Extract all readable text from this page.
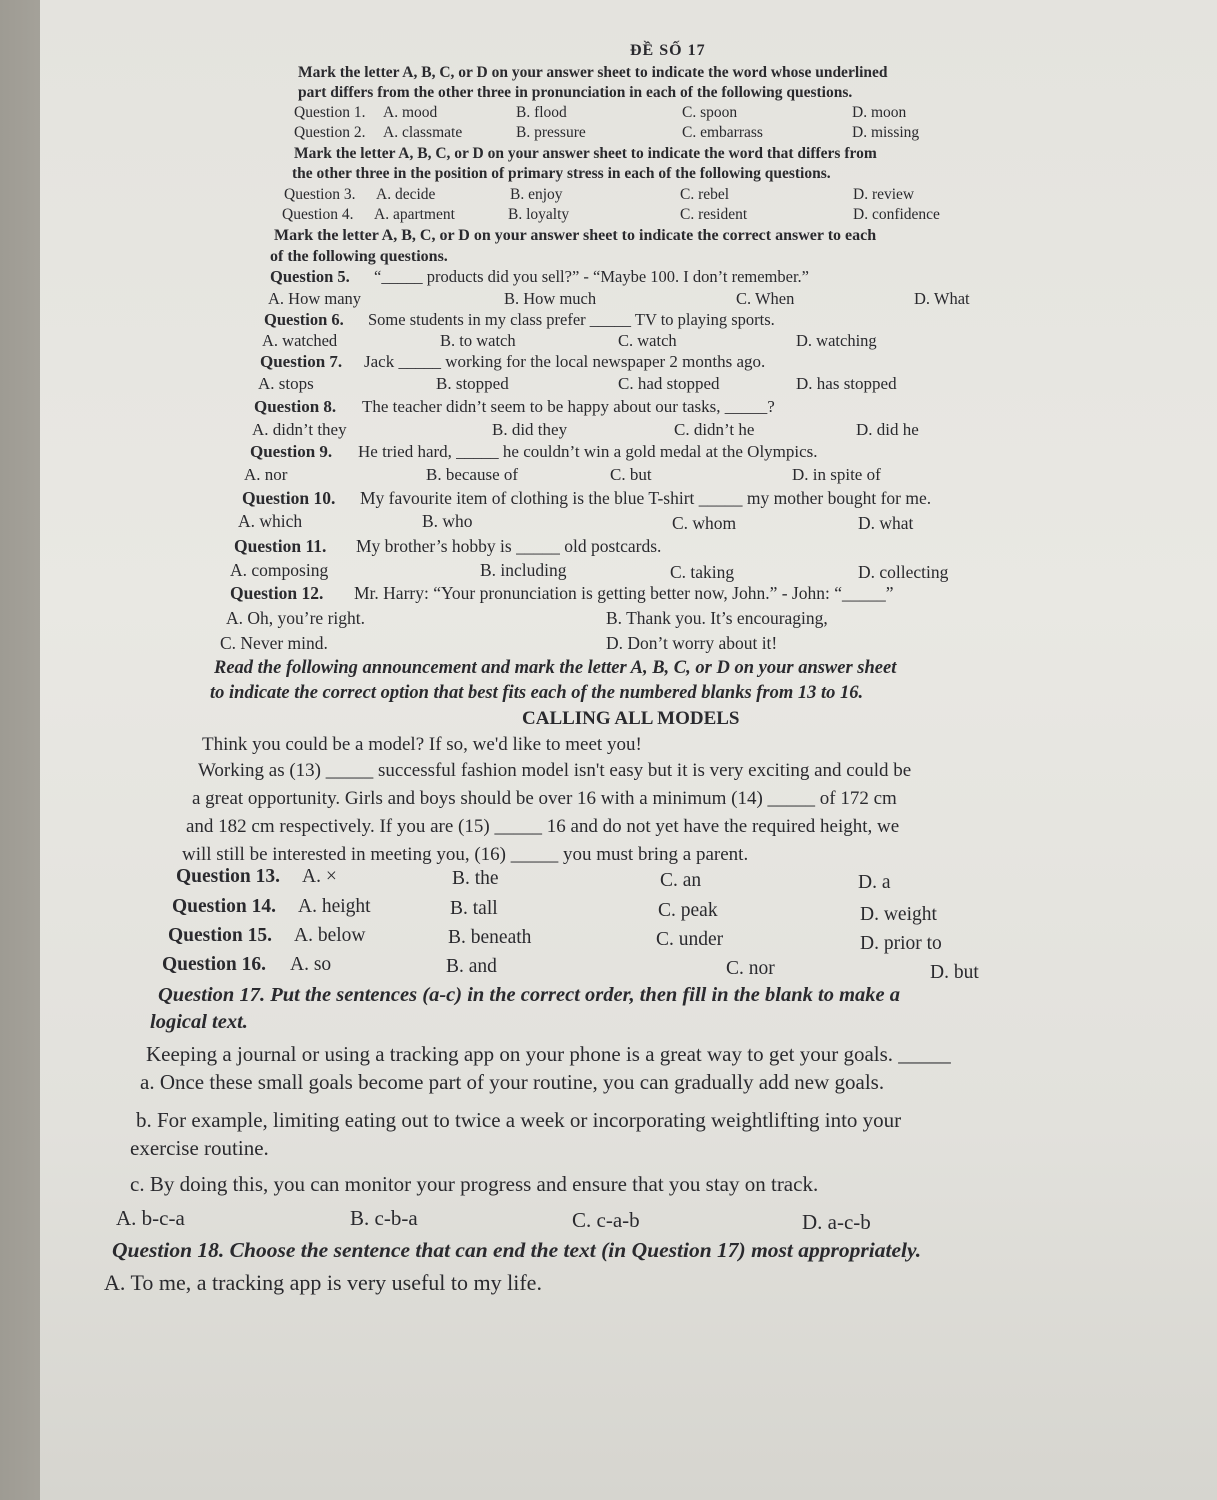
ĐỀ SỐ 17
Mark the letter A, B, C, or D on your answer sheet to indicate the word whose underlined
part differs from the other three in pronunciation in each of the following questions.
Question 1. A. mood	B. flood	C. spoon	D. moon
Question 2. A. classmate	B. pressure	C. embarrass	D. missing
Mark the letter A, B, C, or D on your answer sheet to indicate the word that differs from
the other three in the position of primary stress in each of the following questions.
Question 3. A. decide	B. enjoy	C. rebel	D. review
Question 4. A. apartment	B. loyalty	C. resident	D. confidence
Mark the letter A, B, C, or D on your answer sheet to indicate the correct answer to each
of the following questions.
Question 5. “_____ products did you sell?” - “Maybe 100. I don’t remember.”
A. How many	B. How much	C. When	D. What
Question 6. Some students in my class prefer _____ TV to playing sports.
A. watched	B. to watch	C. watch	D. watching
Question 7. Jack _____ working for the local newspaper 2 months ago.
A. stops	B. stopped	C. had stopped	D. has stopped
Question 8. The teacher didn’t seem to be happy about our tasks, _____?
A. didn’t they	B. did they	C. didn’t he	D. did he
Question 9. He tried hard, _____ he couldn’t win a gold medal at the Olympics.
A. nor	B. because of	C. but	D. in spite of
Question 10. My favourite item of clothing is the blue T-shirt _____ my mother bought for me.
A. which	B. who	C. whom	D. what
Question 11. My brother’s hobby is _____ old postcards.
A. composing	B. including	C. taking	D. collecting
Question 12. Mr. Harry: “Your pronunciation is getting better now, John.” - John: “_____”
A. Oh, you’re right.	B. Thank you. It’s encouraging,
C. Never mind.	D. Don’t worry about it!
Read the following announcement and mark the letter A, B, C, or D on your answer sheet
to indicate the correct option that best fits each of the numbered blanks from 13 to 16.
CALLING ALL MODELS
Think you could be a model? If so, we'd like to meet you!
Working as (13) _____ successful fashion model isn't easy but it is very exciting and could be
a great opportunity. Girls and boys should be over 16 with a minimum (14) _____ of 172 cm
and 182 cm respectively. If you are (15) _____ 16 and do not yet have the required height, we
will still be interested in meeting you, (16) _____ you must bring a parent.
Question 13. A. ×	B. the	C. an	D. a
Question 14. A. height	B. tall	C. peak	D. weight
Question 15. A. below	B. beneath	C. under	D. prior to
Question 16. A. so	B. and	C. nor	D. but
Question 17. Put the sentences (a-c) in the correct order, then fill in the blank to make a
logical text.
Keeping a journal or using a tracking app on your phone is a great way to get your goals. _____
a. Once these small goals become part of your routine, you can gradually add new goals.
b. For example, limiting eating out to twice a week or incorporating weightlifting into your
exercise routine.
c. By doing this, you can monitor your progress and ensure that you stay on track.
A. b-c-a	B. c-b-a	C. c-a-b	D. a-c-b
Question 18. Choose the sentence that can end the text (in Question 17) most appropriately.
A. To me, a tracking app is very useful to my life.
